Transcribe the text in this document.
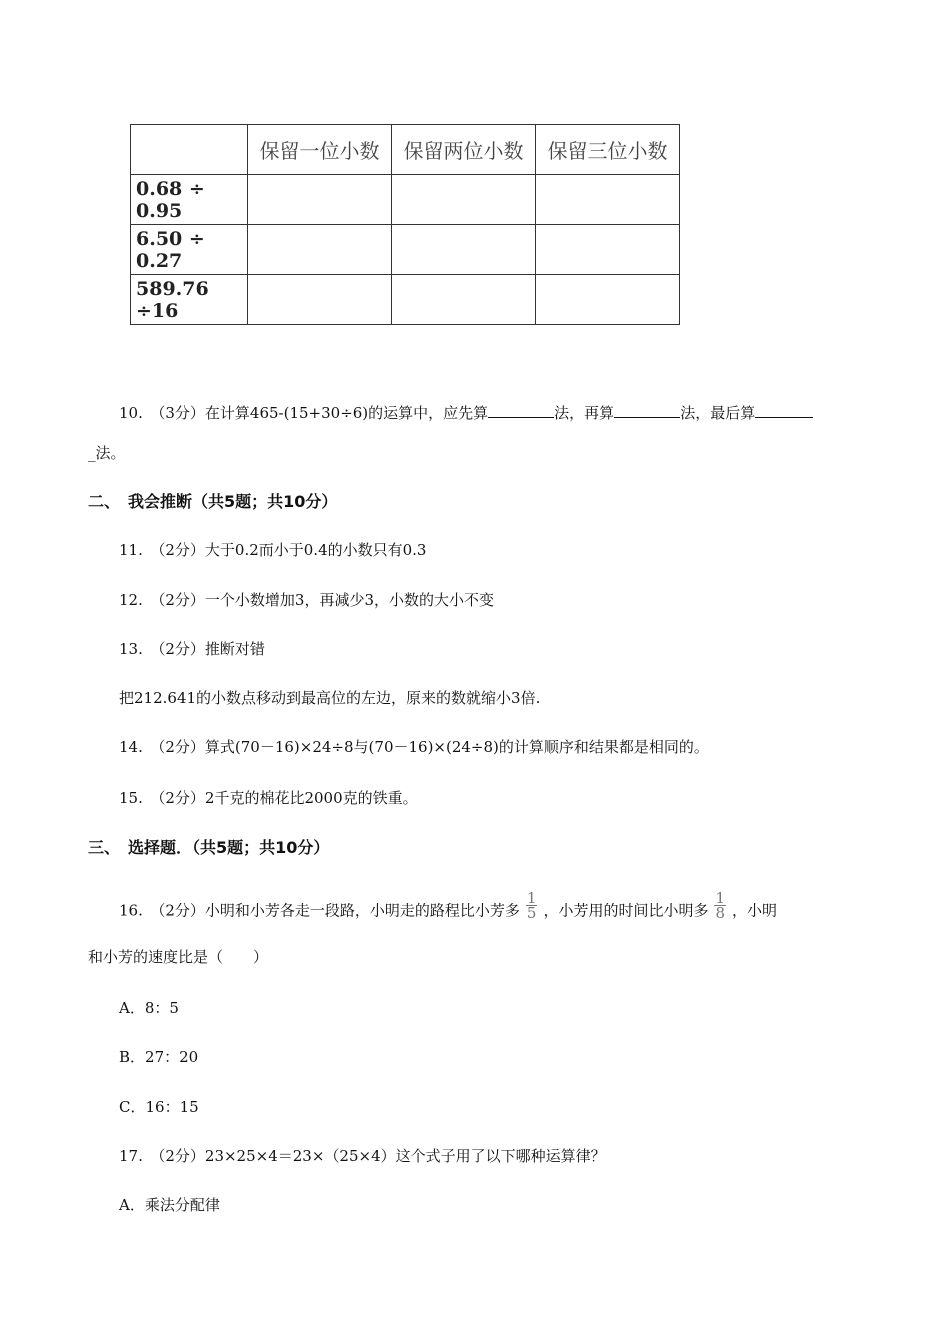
	保留一位小数	保留两位小数	保留三位小数
0.68 ÷ 0.95			
6.50 ÷ 0.27			
589.76 ÷16			
10.　（3分）在计算465-(15+30÷6)的运算中，应先算	法，再算	法，最后算
_法。
二、　我会推断（共5题；共10分）
11.　（2分）大于0.2而小于0.4的小数只有0.3
12.　（2分）一个小数增加3，再减少3，小数的大小不变
13.　（2分）推断对错
把212.641的小数点移动到最高位的左边，原来的数就缩小3倍.
14.　（2分）算式(70－16)×24÷8与(70－16)×(24÷8)的计算顺序和结果都是相同的。
15.　（2分）2千克的棉花比2000克的铁重。
三、　选择题．（共5题；共10分）
16.　（2分）小明和小芳各走一段路，小明走的路程比小芳多 $\frac{1}{5}$ ，小芳用的时间比小明多 $\frac{1}{8}$ ，小明
和小芳的速度比是（　　）
A．8：5
B．27：20
C．16：15
17.　（2分）23×25×4＝23×（25×4）这个式子用了以下哪种运算律？
A．乘法分配律
